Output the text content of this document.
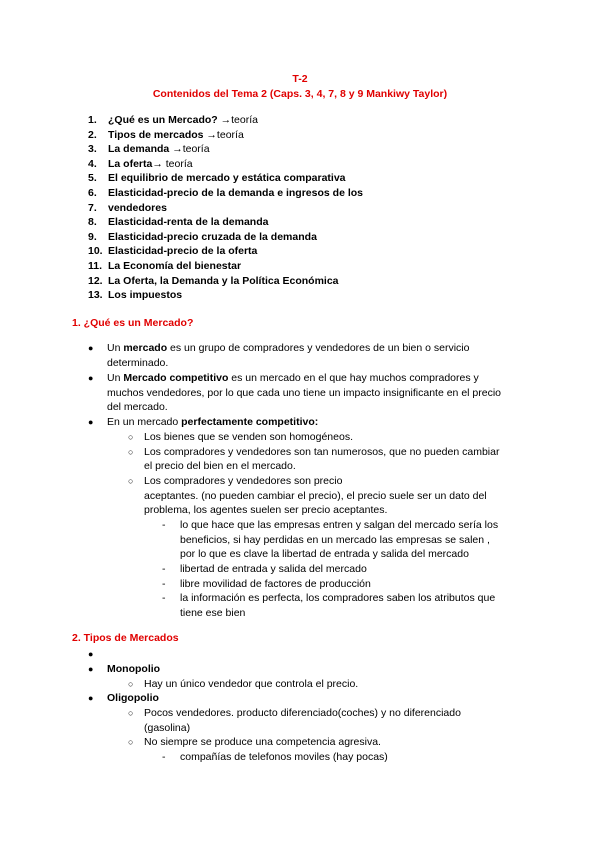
T-2
Contenidos del Tema 2 (Caps. 3, 4, 7, 8 y 9 Mankiwy Taylor)
1. ¿Qué es un Mercado? →teoría
2. Tipos de mercados →teoría
3. La demanda →teoría
4. La oferta→ teoría
5. El equilibrio de mercado y estática comparativa
6. Elasticidad-precio de la demanda e ingresos de los
7. vendedores
8. Elasticidad-renta de la demanda
9. Elasticidad-precio cruzada de la demanda
10. Elasticidad-precio de la oferta
11. La Economía del bienestar
12. La Oferta, la Demanda y la Política Económica
13. Los impuestos
1. ¿Qué es un Mercado?
● Un mercado es un grupo de compradores y vendedores de un bien o servicio
determinado.
● Un Mercado competitivo es un mercado en el que hay muchos compradores y
muchos vendedores, por lo que cada uno tiene un impacto insignificante en el precio
del mercado.
● En un mercado perfectamente competitivo:
○ Los bienes que se venden son homogéneos.
○ Los compradores y vendedores son tan numerosos, que no pueden cambiar
el precio del bien en el mercado.
○ Los compradores y vendedores son precio
aceptantes. (no pueden cambiar el precio), el precio suele ser un dato del
problema, los agentes suelen ser precio aceptantes.
- lo que hace que las empresas entren y salgan del mercado sería los
beneficios, si hay perdidas en un mercado las empresas se salen ,
por lo que es clave la libertad de entrada y salida del mercado
- libertad de entrada y salida del mercado
- libre movilidad de factores de producción
- la información es perfecta, los compradores saben los atributos que
tiene ese bien
2. Tipos de Mercados
●
● Monopolio
○ Hay un único vendedor que controla el precio.
● Oligopolio
○ Pocos vendedores. producto diferenciado(coches) y no diferenciado
(gasolina)
○ No siempre se produce una competencia agresiva.
- compañías de telefonos moviles (hay pocas)
